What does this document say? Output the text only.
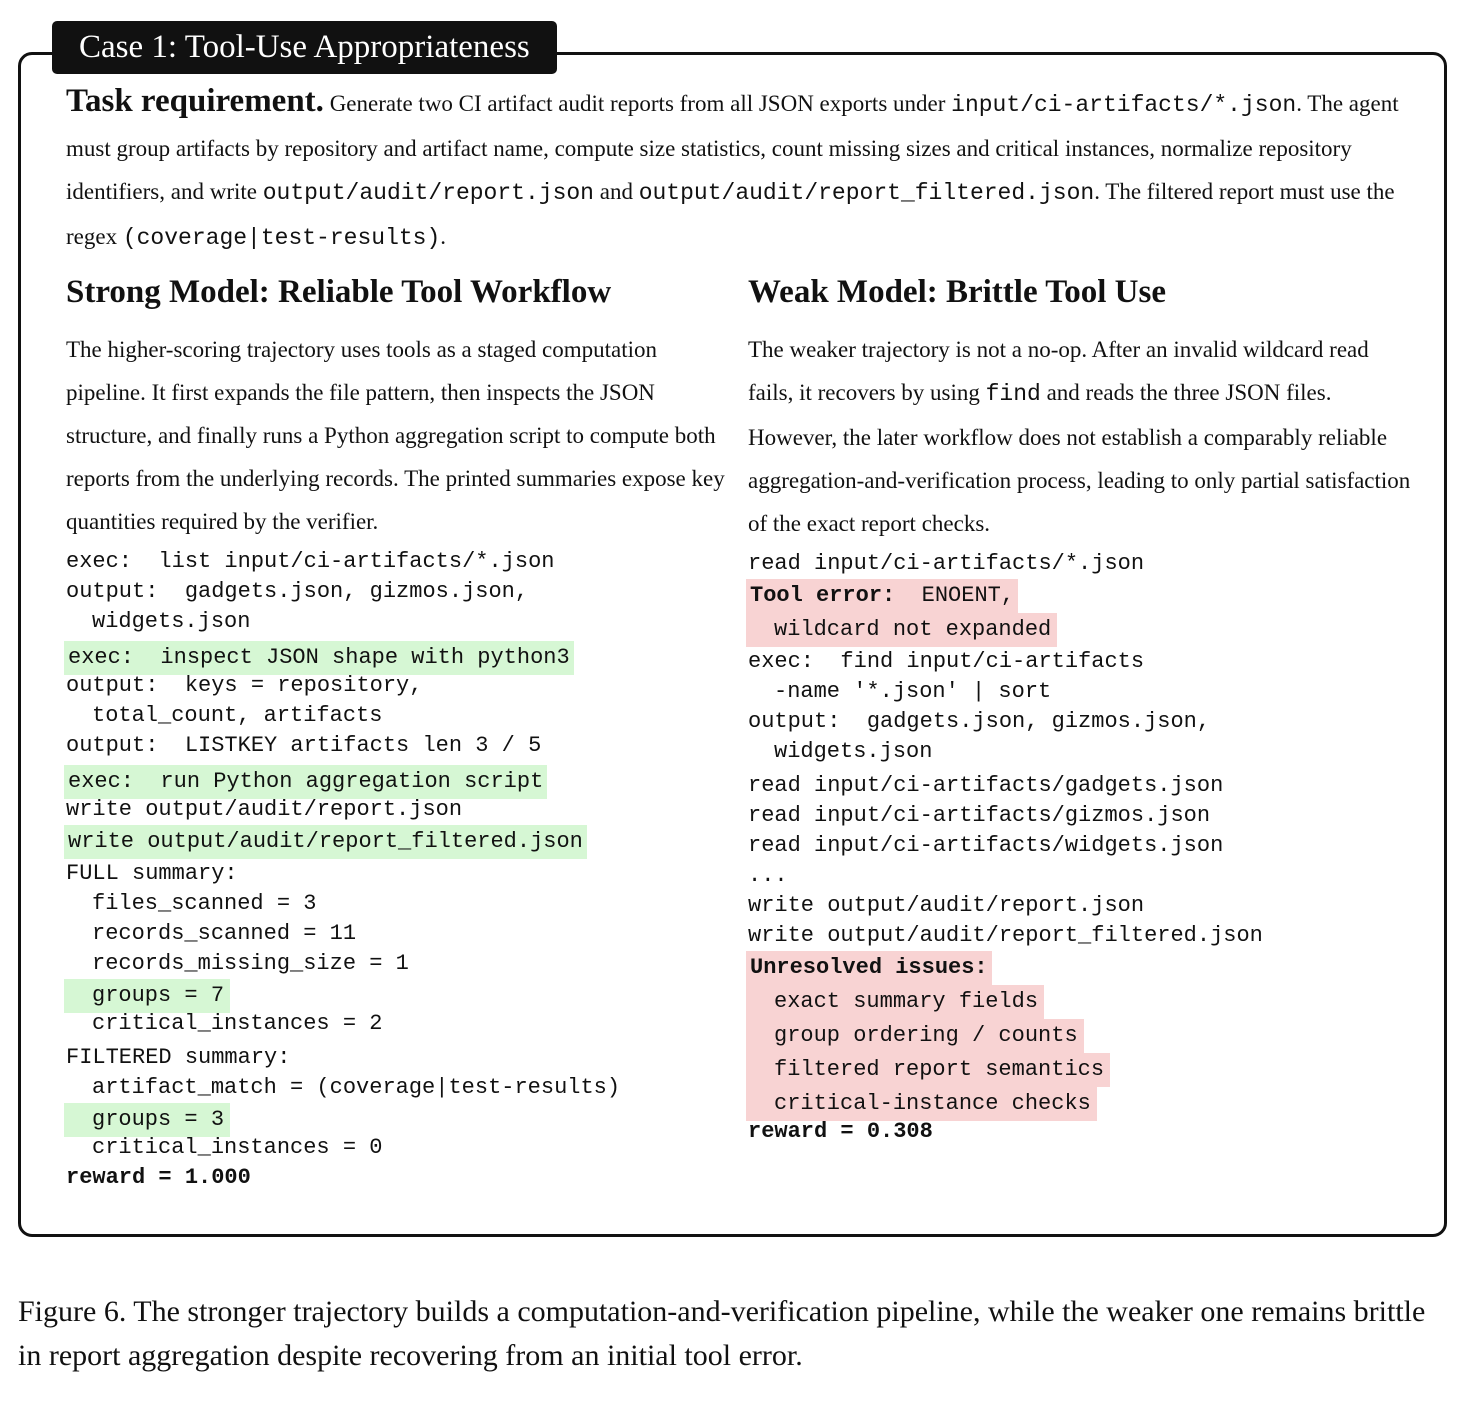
Case 1: Tool-Use Appropriateness
Task requirement. Generate two CI artifact audit reports from all JSON exports under input/ci-artifacts/*.json. The agent must group artifacts by repository and artifact name, compute size statistics, count missing sizes and critical instances, normalize repository identifiers, and write output/audit/report.json and output/audit/report_filtered.json. The filtered report must use the regex (coverage|test-results).
Strong Model: Reliable Tool Workflow

The higher-scoring trajectory uses tools as a staged computation pipeline. It first expands the file pattern, then inspects the JSON structure, and finally runs a Python aggregation script to compute both reports from the underlying records. The printed summaries expose key quantities required by the verifier.

exec:  list input/ci-artifacts/*.json
output:  gadgets.json, gizmos.json,
widgets.json
exec:  inspect JSON shape with python3
output:  keys = repository,
total_count, artifacts
output:  LISTKEY artifacts len 3 / 5
exec:  run Python aggregation script
write output/audit/report.json
write output/audit/report_filtered.json
FULL summary:
files_scanned = 3
records_scanned = 11
records_missing_size = 1
groups = 7
critical_instances = 2
FILTERED summary:
artifact_match = (coverage|test-results)
groups = 3
critical_instances = 0
reward = 1.000
Weak Model: Brittle Tool Use

The weaker trajectory is not a no-op. After an invalid wildcard read fails, it recovers by using find and reads the three JSON files. However, the later workflow does not establish a comparably reliable aggregation-and-verification process, leading to only partial satisfaction of the exact report checks.

read input/ci-artifacts/*.json
Tool error:  ENOENT,
wildcard not expanded
exec:  find input/ci-artifacts
-name '*.json' | sort
output:  gadgets.json, gizmos.json,
widgets.json
read input/ci-artifacts/gadgets.json
read input/ci-artifacts/gizmos.json
read input/ci-artifacts/widgets.json
...
write output/audit/report.json
write output/audit/report_filtered.json
Unresolved issues:
exact summary fields
group ordering / counts
filtered report semantics
critical-instance checks
reward = 0.308
Figure 6. The stronger trajectory builds a computation-and-verification pipeline, while the weaker one remains brittle in report aggregation despite recovering from an initial tool error.
